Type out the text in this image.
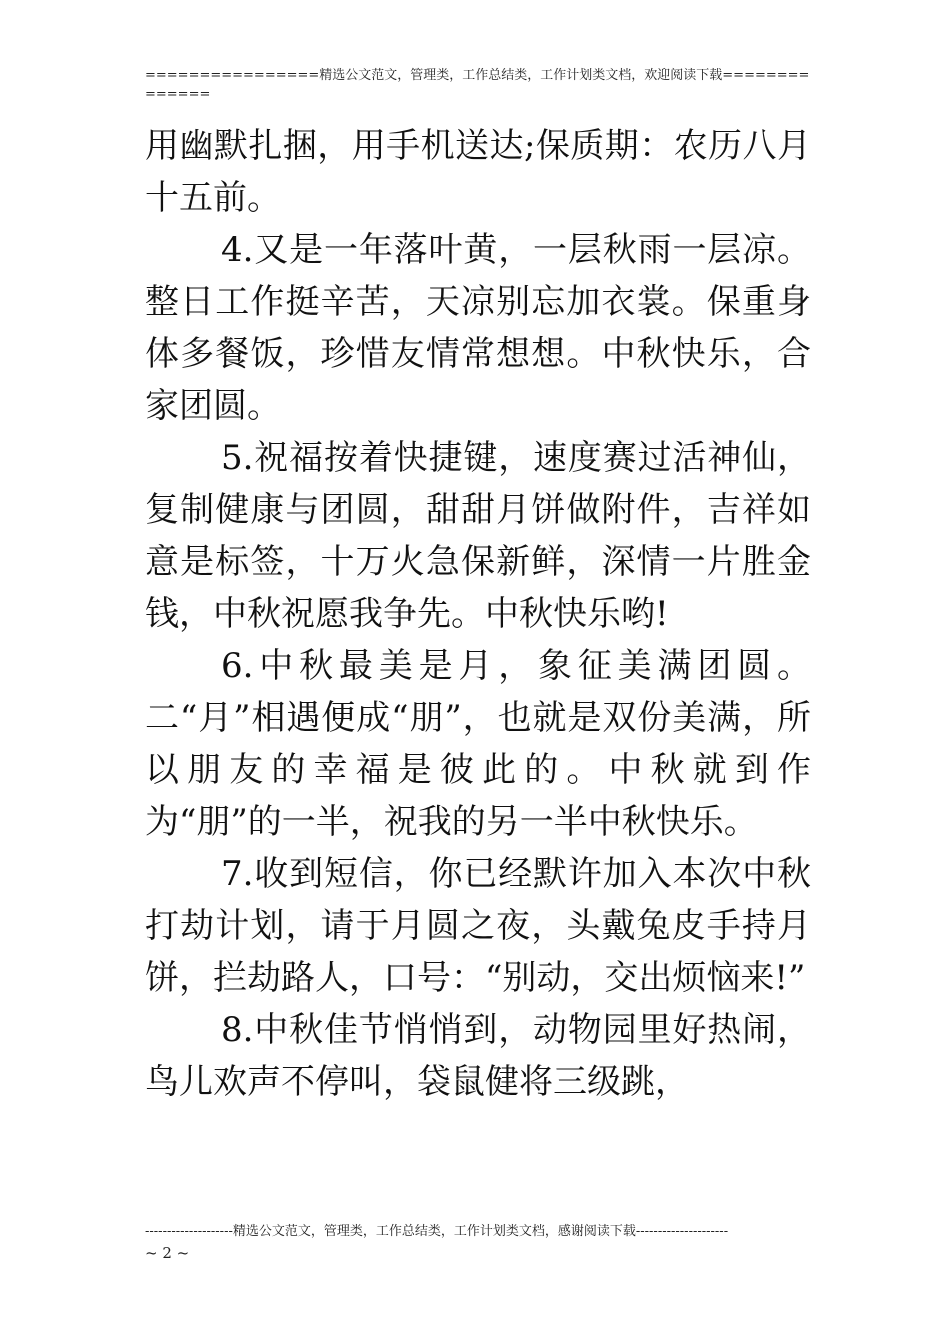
================精选公文范文，管理类，工作总结类，工作计划类文档，欢迎阅读下载==============

用幽默扎捆，用手机送达;保质期：农历八月十五前。

4.又是一年落叶黄，一层秋雨一层凉。整日工作挺辛苦，天凉别忘加衣裳。保重身体多餐饭，珍惜友情常想想。中秋快乐，合家团圆。

5.祝福按着快捷键，速度赛过活神仙，复制健康与团圆，甜甜月饼做附件，吉祥如意是标签，十万火急保新鲜，深情一片胜金钱，中秋祝愿我争先。中秋快乐哟!

6.中秋最美是月，象征美满团圆。二“月”相遇便成“朋”，也就是双份美满，所以朋友的幸福是彼此的。中秋就到作为“朋”的一半，祝我的另一半中秋快乐。

7.收到短信，你已经默许加入本次中秋打劫计划，请于月圆之夜，头戴兔皮手持月饼，拦劫路人，口号：“别动，交出烦恼来!”

8.中秋佳节悄悄到，动物园里好热闹，鸟儿欢声不停叫，袋鼠健将三级跳，

--------------------精选公文范文，管理类，工作总结类，工作计划类文档，感谢阅读下载---------------------
~ 2 ~
